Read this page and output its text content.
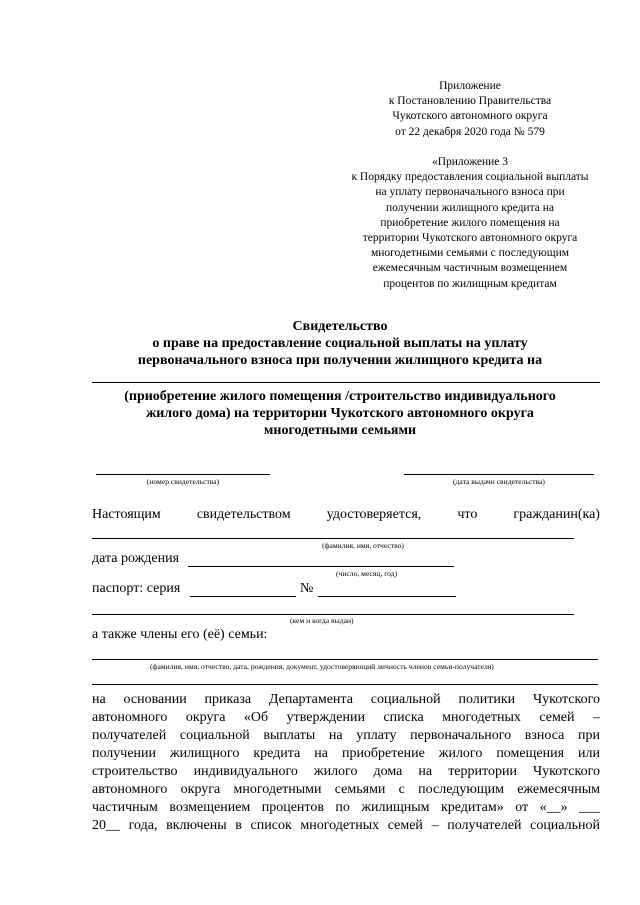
Приложение
к Постановлению Правительства
Чукотского автономного округа
от 22 декабря 2020 года № 579
«Приложение 3
к Порядку предоставления социальной выплаты
на уплату первоначального взноса при
получении жилищного кредита на
приобретение жилого помещения на
территории Чукотского автономного округа
многодетными семьями с последующим
ежемесячным частичным возмещением
процентов по жилищным кредитам
Свидетельство
о праве на предоставление социальной выплаты на уплату
первоначального взноса при получении жилищного кредита на
(приобретение жилого помещения /строительство индивидуального
жилого дома) на территории Чукотского автономного округа
многодетными семьями
(номер свидетельства)	(дата выдачи свидетельства)
Настоящим	свидетельством	удостоверяется,	что	гражданин(ка)
(фамилия, имя, отчество)
дата рождения
(число, месяц, год)
паспорт: серия	№
(кем и когда выдан)
а также члены его (её) семьи:
(фамилия, имя, отчество, дата, рождения, документ, удостоверяющий личность членов семьи-получателя)
на основании приказа Департамента социальной политики Чукотского
автономного округа «Об утверждении списка многодетных семей –
получателей социальной выплаты на уплату первоначального взноса при
получении жилищного кредита на приобретение жилого помещения или
строительство индивидуального жилого дома на территории Чукотского
автономного округа многодетными семьями с последующим ежемесячным
частичным возмещением процентов по жилищным кредитам» от «__» ___
20__ года, включены в список многодетных семей – получателей социальной
